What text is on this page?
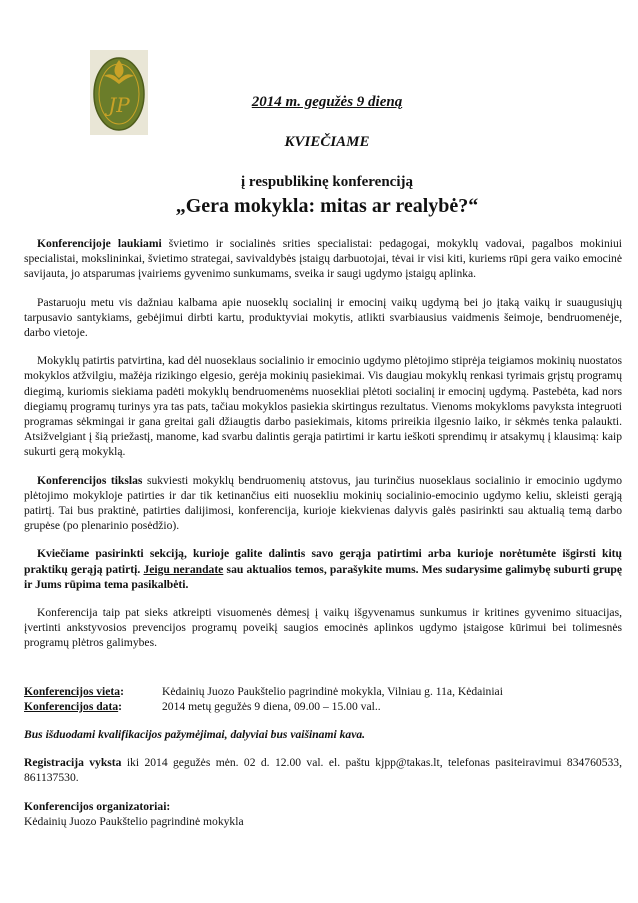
JP	2014 m. gegužės 9 dieną
KVIEČIAME
į respublikinę konferenciją
„Gera mokykla: mitas ar realybė?“

Konferencijoje laukiami švietimo ir socialinės srities specialistai: pedagogai, mokyklų vadovai, pagalbos mokiniui specialistai, mokslininkai, švietimo strategai, savivaldybės įstaigų darbuotojai, tėvai ir visi kiti, kuriems rūpi gera vaiko emocinė savijauta, jo atsparumas įvairiems gyvenimo sunkumams, sveika ir saugi ugdymo įstaigų aplinka.

Pastaruoju metu vis dažniau kalbama apie nuoseklų socialinį ir emocinį vaikų ugdymą bei jo įtaką vaikų ir suaugusiųjų tarpusavio santykiams, gebėjimui dirbti kartu, produktyviai mokytis, atlikti svarbiausius vaidmenis šeimoje, bendruomenėje, darbo vietoje.

Mokyklų patirtis patvirtina, kad dėl nuoseklaus socialinio ir emocinio ugdymo plėtojimo stiprėja teigiamos mokinių nuostatos mokyklos atžvilgiu, mažėja rizikingo elgesio, gerėja mokinių pasiekimai. Vis daugiau mokyklų renkasi tyrimais grįstų programų diegimą, kuriomis siekiama padėti mokyklų bendruomenėms nuosekliai plėtoti socialinį ir emocinį ugdymą. Pastebėta, kad nors diegiamų programų turinys yra tas pats, tačiau mokyklos pasiekia skirtingus rezultatus. Vienoms mokykloms pavyksta integruoti programas sėkmingai ir gana greitai gali džiaugtis darbo pasiekimais, kitoms prireikia ilgesnio laiko, ir sėkmės tenka palaukti. Atsižvelgiant į šią priežastį, manome, kad svarbu dalintis gerąja patirtimi ir kartu ieškoti sprendimų ir atsakymų į klausimą: kaip sukurti gerą mokyklą.

Konferencijos tikslas sukviesti mokyklų bendruomenių atstovus, jau turinčius nuoseklaus socialinio ir emocinio ugdymo plėtojimo mokykloje patirties ir dar tik ketinančius eiti nuosekliu mokinių socialinio-emocinio ugdymo keliu, skleisti gerąją patirtį. Tai bus praktinė, patirties dalijimosi, konferencija, kurioje kiekvienas dalyvis galės pasirinkti sau aktualią temą darbo grupėse (po plenarinio posėdžio).

Kviečiame pasirinkti sekciją, kurioje galite dalintis savo gerąja patirtimi arba kurioje norėtumėte išgirsti kitų praktikų gerąją patirtį. Jeigu nerandate sau aktualios temos, parašykite mums. Mes sudarysime galimybę suburti grupę ir Jums rūpima tema pasikalbėti.

Konferencija taip pat sieks atkreipti visuomenės dėmesį į vaikų išgyvenamus sunkumus ir kritines gyvenimo situacijas, įvertinti ankstyvosios prevencijos programų poveikį saugios emocinės aplinkos ugdymo įstaigose kūrimui bei tolimesnės programų plėtros galimybes.

Konferencijos vieta:	Kėdainių Juozo Paukštelio pagrindinė mokykla, Vilniau g. 11a, Kėdainiai
Konferencijos data:	2014 metų gegužės 9 diena, 09.00 – 15.00 val..

Bus išduodami kvalifikacijos pažymėjimai, dalyviai bus vaišinami kava.

Registracija vyksta iki 2014 gegužės mėn. 02 d. 12.00 val. el. paštu kjpp@takas.lt, telefonas pasiteiravimui 834760533, 861137530.

Konferencijos organizatoriai:
Kėdainių Juozo Paukštelio pagrindinė mokykla
